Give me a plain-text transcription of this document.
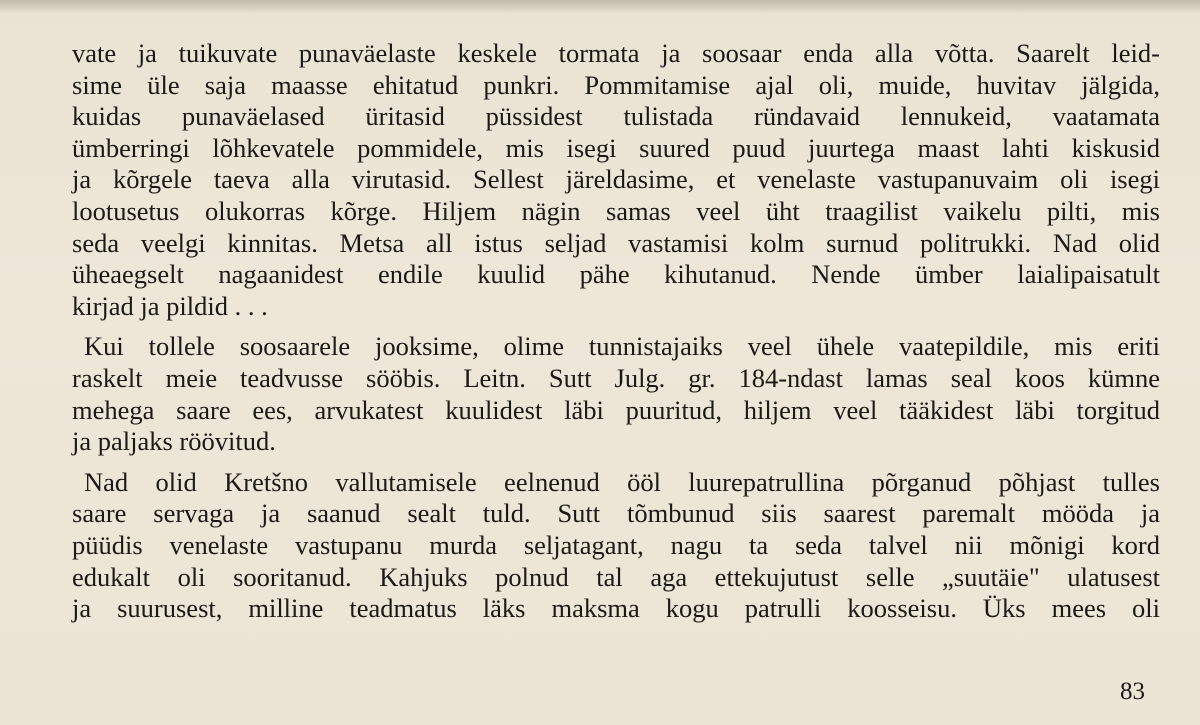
vate ja tuikuvate punaväelaste keskele tormata ja soosaar enda alla võtta. Saarelt leid-
sime üle saja maasse ehitatud punkri. Pommitamise ajal oli, muide, huvitav jälgida,
kuidas punaväelased üritasid püssidest tulistada ründavaid lennukeid, vaatamata
ümberringi lõhkevatele pommidele, mis isegi suured puud juurtega maast lahti kiskusid
ja kõrgele taeva alla virutasid. Sellest järeldasime, et venelaste vastupanuvaim oli isegi
lootusetus olukorras kõrge. Hiljem nägin samas veel üht traagilist vaikelu pilti, mis
seda veelgi kinnitas. Metsa all istus seljad vastamisi kolm surnud politrukki. Nad olid
üheaegselt nagaanidest endile kuulid pähe kihutanud. Nende ümber laialipaisatult
kirjad ja pildid . . .
Kui tollele soosaarele jooksime, olime tunnistajaiks veel ühele vaatepildile, mis eriti
raskelt meie teadvusse sööbis. Leitn. Sutt Julg. gr. 184-ndast lamas seal koos kümne
mehega saare ees, arvukatest kuulidest läbi puuritud, hiljem veel tääkidest läbi torgitud
ja paljaks röövitud.
Nad olid Kretšno vallutamisele eelnenud ööl luurepatrullina põrganud põhjast tulles
saare servaga ja saanud sealt tuld. Sutt tõmbunud siis saarest paremalt mööda ja
püüdis venelaste vastupanu murda seljatagant, nagu ta seda talvel nii mõnigi kord
edukalt oli sooritanud. Kahjuks polnud tal aga ettekujutust selle „suutäie" ulatusest
ja suurusest, milline teadmatus läks maksma kogu patrulli koosseisu. Üks mees oli
83
